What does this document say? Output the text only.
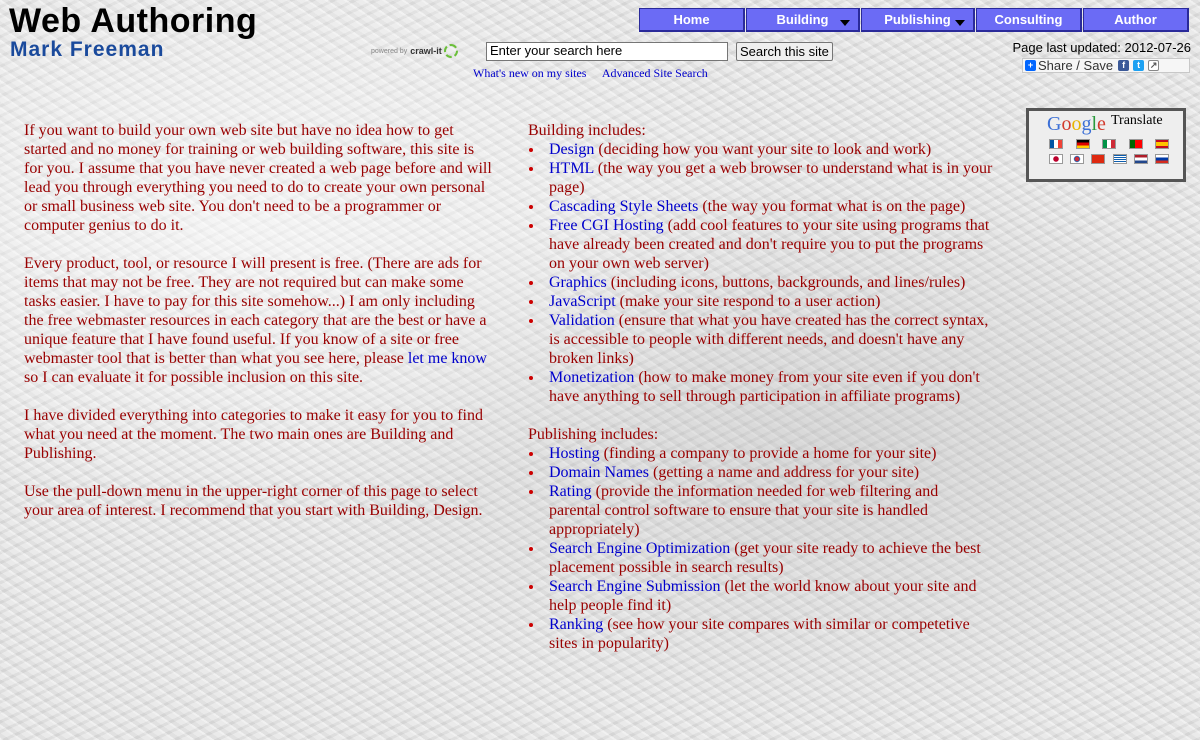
Web Authoring
Mark Freeman	powered by crawl-it	Enter your search here	Search this site
What's new on my sites Advanced Site Search
Home	Building	Publishing	Consulting	Author
Page last updated: 2012-07-26
+ Share / Save	f	t	↗
Google Translate

If you want to build your own web site but have no idea how to get started and no money for training or web building software, this site is for you. I assume that you have never created a web page before and will lead you through everything you need to do to create your own personal or small business web site. You don't need to be a programmer or computer genius to do it.

Every product, tool, or resource I will present is free. (There are ads for items that may not be free. They are not required but can make some tasks easier. I have to pay for this site somehow...) I am only including the free webmaster resources in each category that are the best or have a unique feature that I have found useful. If you know of a site or free webmaster tool that is better than what you see here, please let me know so I can evaluate it for possible inclusion on this site.

I have divided everything into categories to make it easy for you to find what you need at the moment. The two main ones are Building and Publishing.

Use the pull-down menu in the upper-right corner of this page to select your area of interest. I recommend that you start with Building, Design.

Building includes:
• Design (deciding how you want your site to look and work)
• HTML (the way you get a web browser to understand what is in your page)
• Cascading Style Sheets (the way you format what is on the page)
• Free CGI Hosting (add cool features to your site using programs that have already been created and don't require you to put the programs on your own web server)
• Graphics (including icons, buttons, backgrounds, and lines/rules)
• JavaScript (make your site respond to a user action)
• Validation (ensure that what you have created has the correct syntax, is accessible to people with different needs, and doesn't have any broken links)
• Monetization (how to make money from your site even if you don't have anything to sell through participation in affiliate programs)
Publishing includes:
• Hosting (finding a company to provide a home for your site)
• Domain Names (getting a name and address for your site)
• Rating (provide the information needed for web filtering and parental control software to ensure that your site is handled appropriately)
• Search Engine Optimization (get your site ready to achieve the best placement possible in search results)
• Search Engine Submission (let the world know about your site and help people find it)
• Ranking (see how your site compares with similar or competetive sites in popularity)
